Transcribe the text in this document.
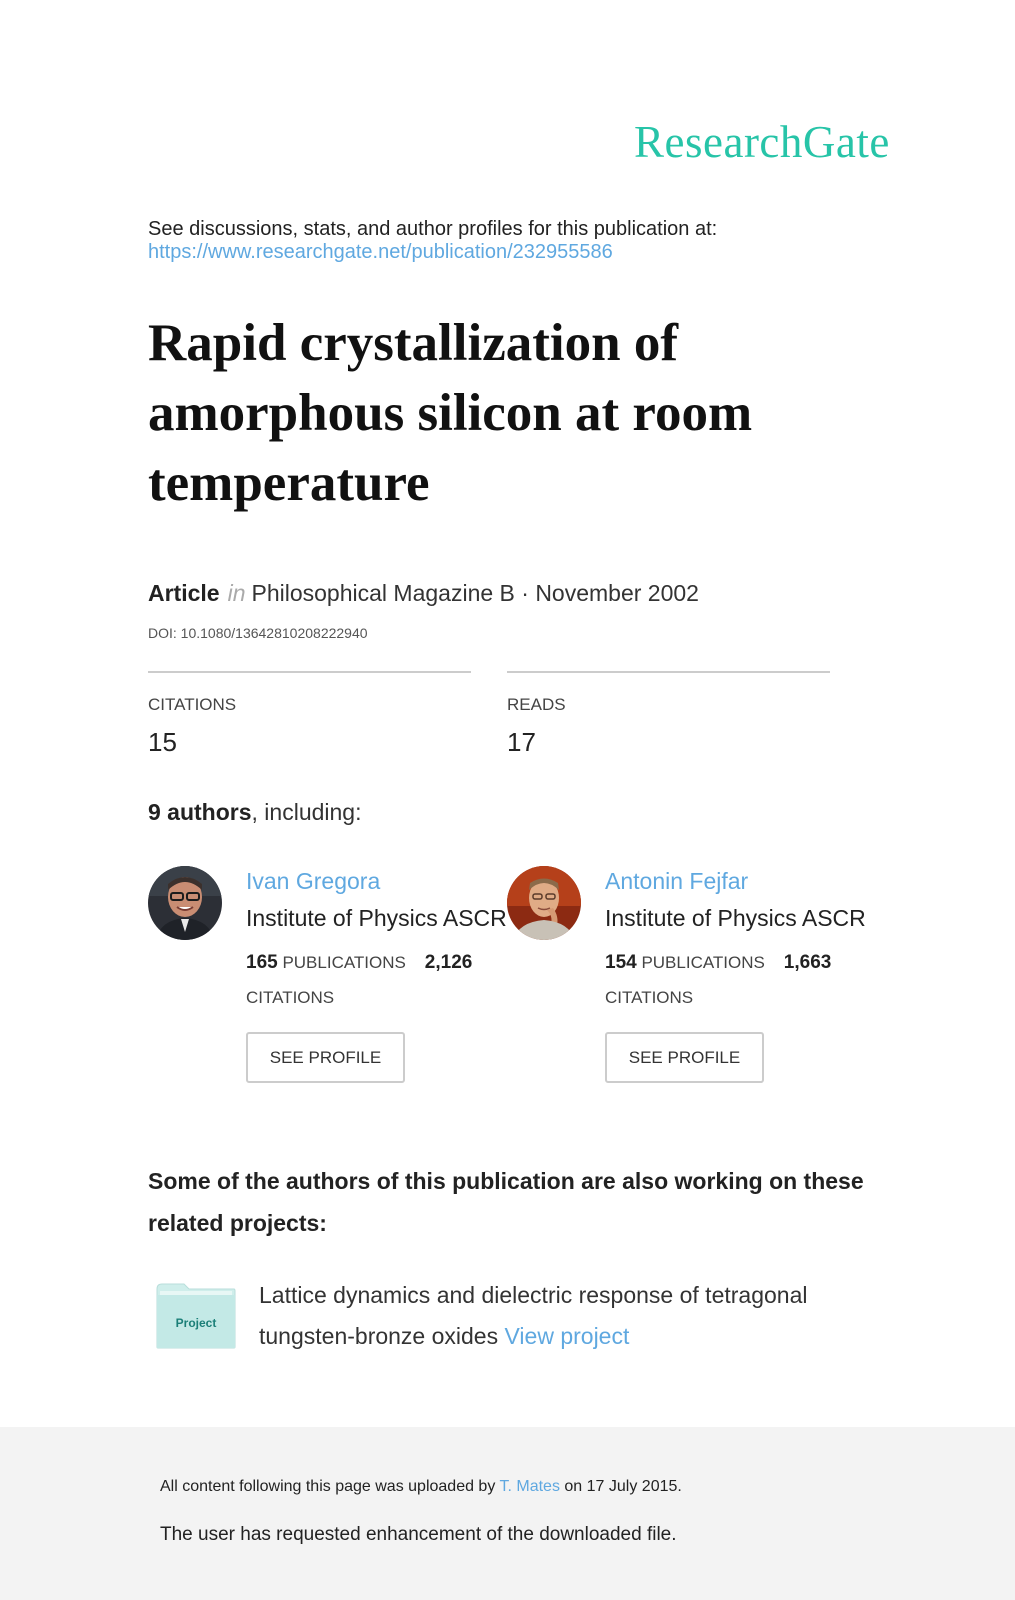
ResearchGate
See discussions, stats, and author profiles for this publication at:
https://www.researchgate.net/publication/232955586
Rapid crystallization of amorphous silicon at room temperature
Article in Philosophical Magazine B · November 2002
DOI: 10.1080/13642810208222940
CITATIONS
15
READS
17
9 authors, including:
Ivan Gregora
Institute of Physics ASCR
165 PUBLICATIONS 2,126 CITATIONS
SEE PROFILE
Antonin Fejfar
Institute of Physics ASCR
154 PUBLICATIONS 1,663 CITATIONS
SEE PROFILE
Some of the authors of this publication are also working on these related projects:
Project
Lattice dynamics and dielectric response of tetragonal tungsten-bronze oxides View project
All content following this page was uploaded by T. Mates on 17 July 2015.
The user has requested enhancement of the downloaded file.
